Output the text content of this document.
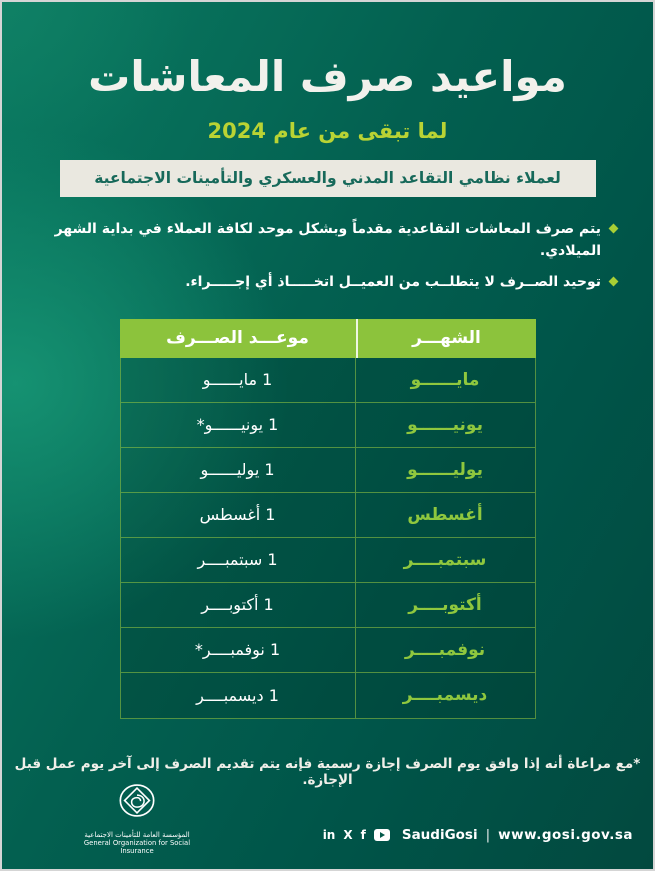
مواعيد صرف المعاشات
لما تبقى من عام 2024
لعملاء نظامي التقاعد المدني والعسكري والتأمينات الاجتماعية
يتم صرف المعاشات التقاعدية مقدماً وبشكل موحد لكافة العملاء في بداية الشهر الميلادي.
توحيد الصــرف لا يتطلــب من العميــل اتخـــــاذ أي إجـــــراء.
الشهـــر
موعـــد الصـــرف
مايــــــو
1 مايــــــو
يونيــــــو
1 يونيــــــو*
يوليــــــو
1 يوليــــــو
أغسطس
1 أغسطس
سبتمبــــر
1 سبتمبــــر
أكتوبــــر
1 أكتوبــــر
نوفمبــــر
1 نوفمبــــر*
ديسمبــــر
1 ديسمبــــر
*مع مراعاة أنه إذا وافق يوم الصرف إجازة رسمية فإنه يتم تقديم الصرف إلى آخر يوم عمل قبل الإجازة.
المؤسسة العامة للتأمينات الاجتماعية
General Organization for Social Insurance
in X f	SaudiGosi | www.gosi.gov.sa
